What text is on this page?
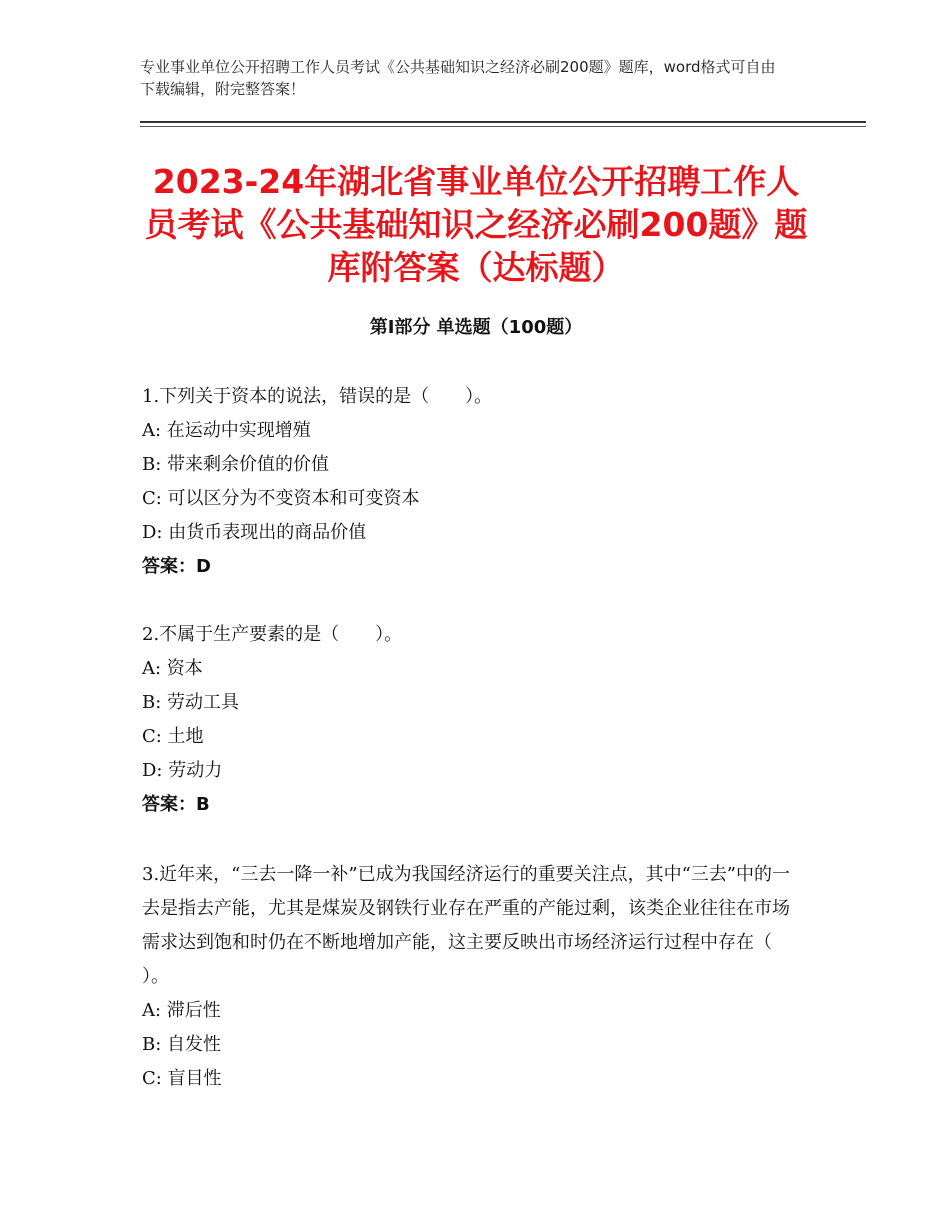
专业事业单位公开招聘工作人员考试《公共基础知识之经济必刷200题》题库，word格式可自由下载编辑，附完整答案！
2023-24年湖北省事业单位公开招聘工作人员考试《公共基础知识之经济必刷200题》题库附答案（达标题）
第Ⅰ部分 单选题（100题）
1.下列关于资本的说法，错误的是（　　）。
A: 在运动中实现增殖
B: 带来剩余价值的价值
C: 可以区分为不变资本和可变资本
D: 由货币表现出的商品价值
答案：D
2.不属于生产要素的是（　　）。
A: 资本
B: 劳动工具
C: 土地
D: 劳动力
答案：B
3.近年来，“三去一降一补”已成为我国经济运行的重要关注点，其中“三去”中的一去是指去产能，尤其是煤炭及钢铁行业存在严重的产能过剩，该类企业往往在市场需求达到饱和时仍在不断地增加产能，这主要反映出市场经济运行过程中存在（ ）。
A: 滞后性
B: 自发性
C: 盲目性
